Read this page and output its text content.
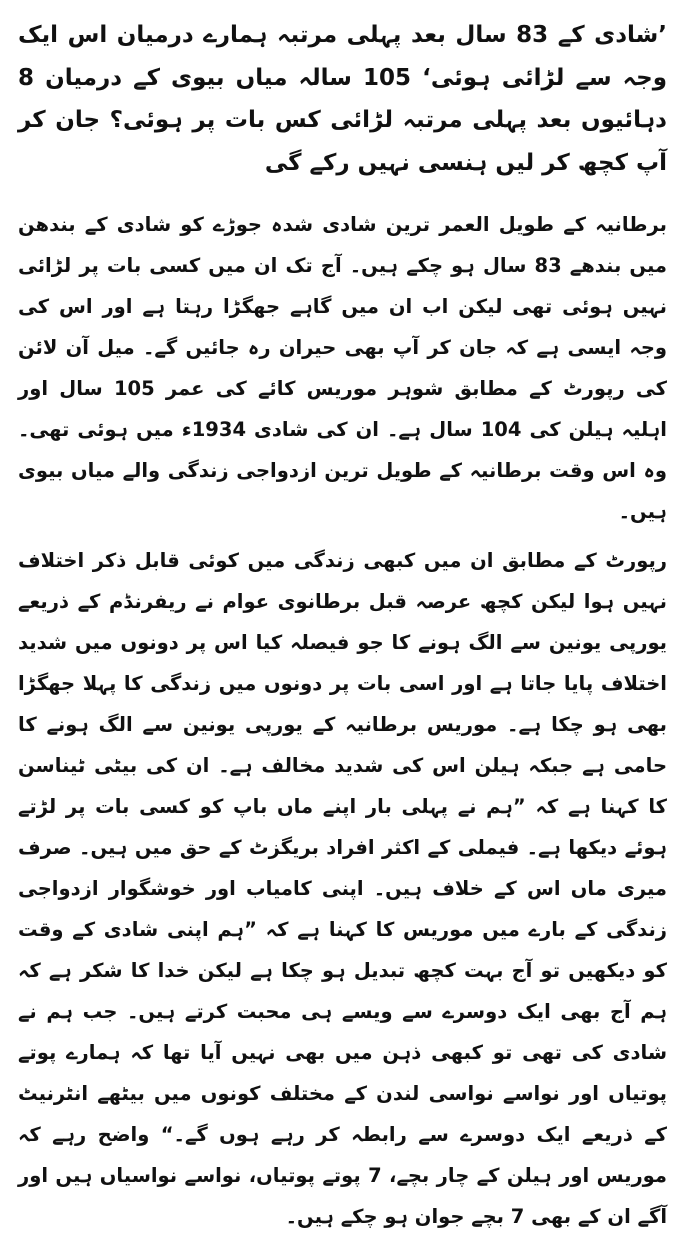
’شادی کے 83 سال بعد پہلی مرتبہ ہمارے درمیان اس ایک وجہ سے لڑائی ہوئی‘ 105 سالہ میاں بیوی کے درمیان 8 دہائیوں بعد پہلی مرتبہ لڑائی کس بات پر ہوئی؟ جان کر آپ کچھ کر لیں ہنسی نہیں رکے گی

برطانیہ کے طویل العمر ترین شادی شدہ جوڑے کو شادی کے بندھن میں بندھے 83 سال ہو چکے ہیں۔ آج تک ان میں کسی بات پر لڑائی نہیں ہوئی تھی لیکن اب ان میں گاہے جھگڑا رہتا ہے اور اس کی وجہ ایسی ہے کہ جان کر آپ بھی حیران رہ جائیں گے۔ میل آن لائن کی رپورٹ کے مطابق شوہر موریس کائے کی عمر 105 سال اور اہلیہ ہیلن کی 104 سال ہے۔ ان کی شادی 1934ء میں ہوئی تھی۔ وہ اس وقت برطانیہ کے طویل ترین ازدواجی زندگی والے میاں بیوی ہیں۔

رپورٹ کے مطابق ان میں کبھی زندگی میں کوئی قابل ذکر اختلاف نہیں ہوا لیکن کچھ عرصہ قبل برطانوی عوام نے ریفرنڈم کے ذریعے یورپی یونین سے الگ ہونے کا جو فیصلہ کیا اس پر دونوں میں شدید اختلاف پایا جاتا ہے اور اسی بات پر دونوں میں زندگی کا پہلا جھگڑا بھی ہو چکا ہے۔ موریس برطانیہ کے یورپی یونین سے الگ ہونے کا حامی ہے جبکہ ہیلن اس کی شدید مخالف ہے۔ ان کی بیٹی ٹیناسن کا کہنا ہے کہ ”ہم نے پہلی بار اپنے ماں باپ کو کسی بات پر لڑتے ہوئے دیکھا ہے۔ فیملی کے اکثر افراد بریگزٹ کے حق میں ہیں۔ صرف میری ماں اس کے خلاف ہیں۔ اپنی کامیاب اور خوشگوار ازدواجی زندگی کے بارے میں موریس کا کہنا ہے کہ ”ہم اپنی شادی کے وقت کو دیکھیں تو آج بہت کچھ تبدیل ہو چکا ہے لیکن خدا کا شکر ہے کہ ہم آج بھی ایک دوسرے سے ویسے ہی محبت کرتے ہیں۔ جب ہم نے شادی کی تھی تو کبھی ذہن میں بھی نہیں آیا تھا کہ ہمارے پوتے پوتیاں اور نواسے نواسی لندن کے مختلف کونوں میں بیٹھے انٹرنیٹ کے ذریعے ایک دوسرے سے رابطہ کر رہے ہوں گے۔“ واضح رہے کہ موریس اور ہیلن کے چار بچے، 7 پوتے پوتیاں، نواسے نواسیاں ہیں اور آگے ان کے بھی 7 بچے جوان ہو چکے ہیں۔
